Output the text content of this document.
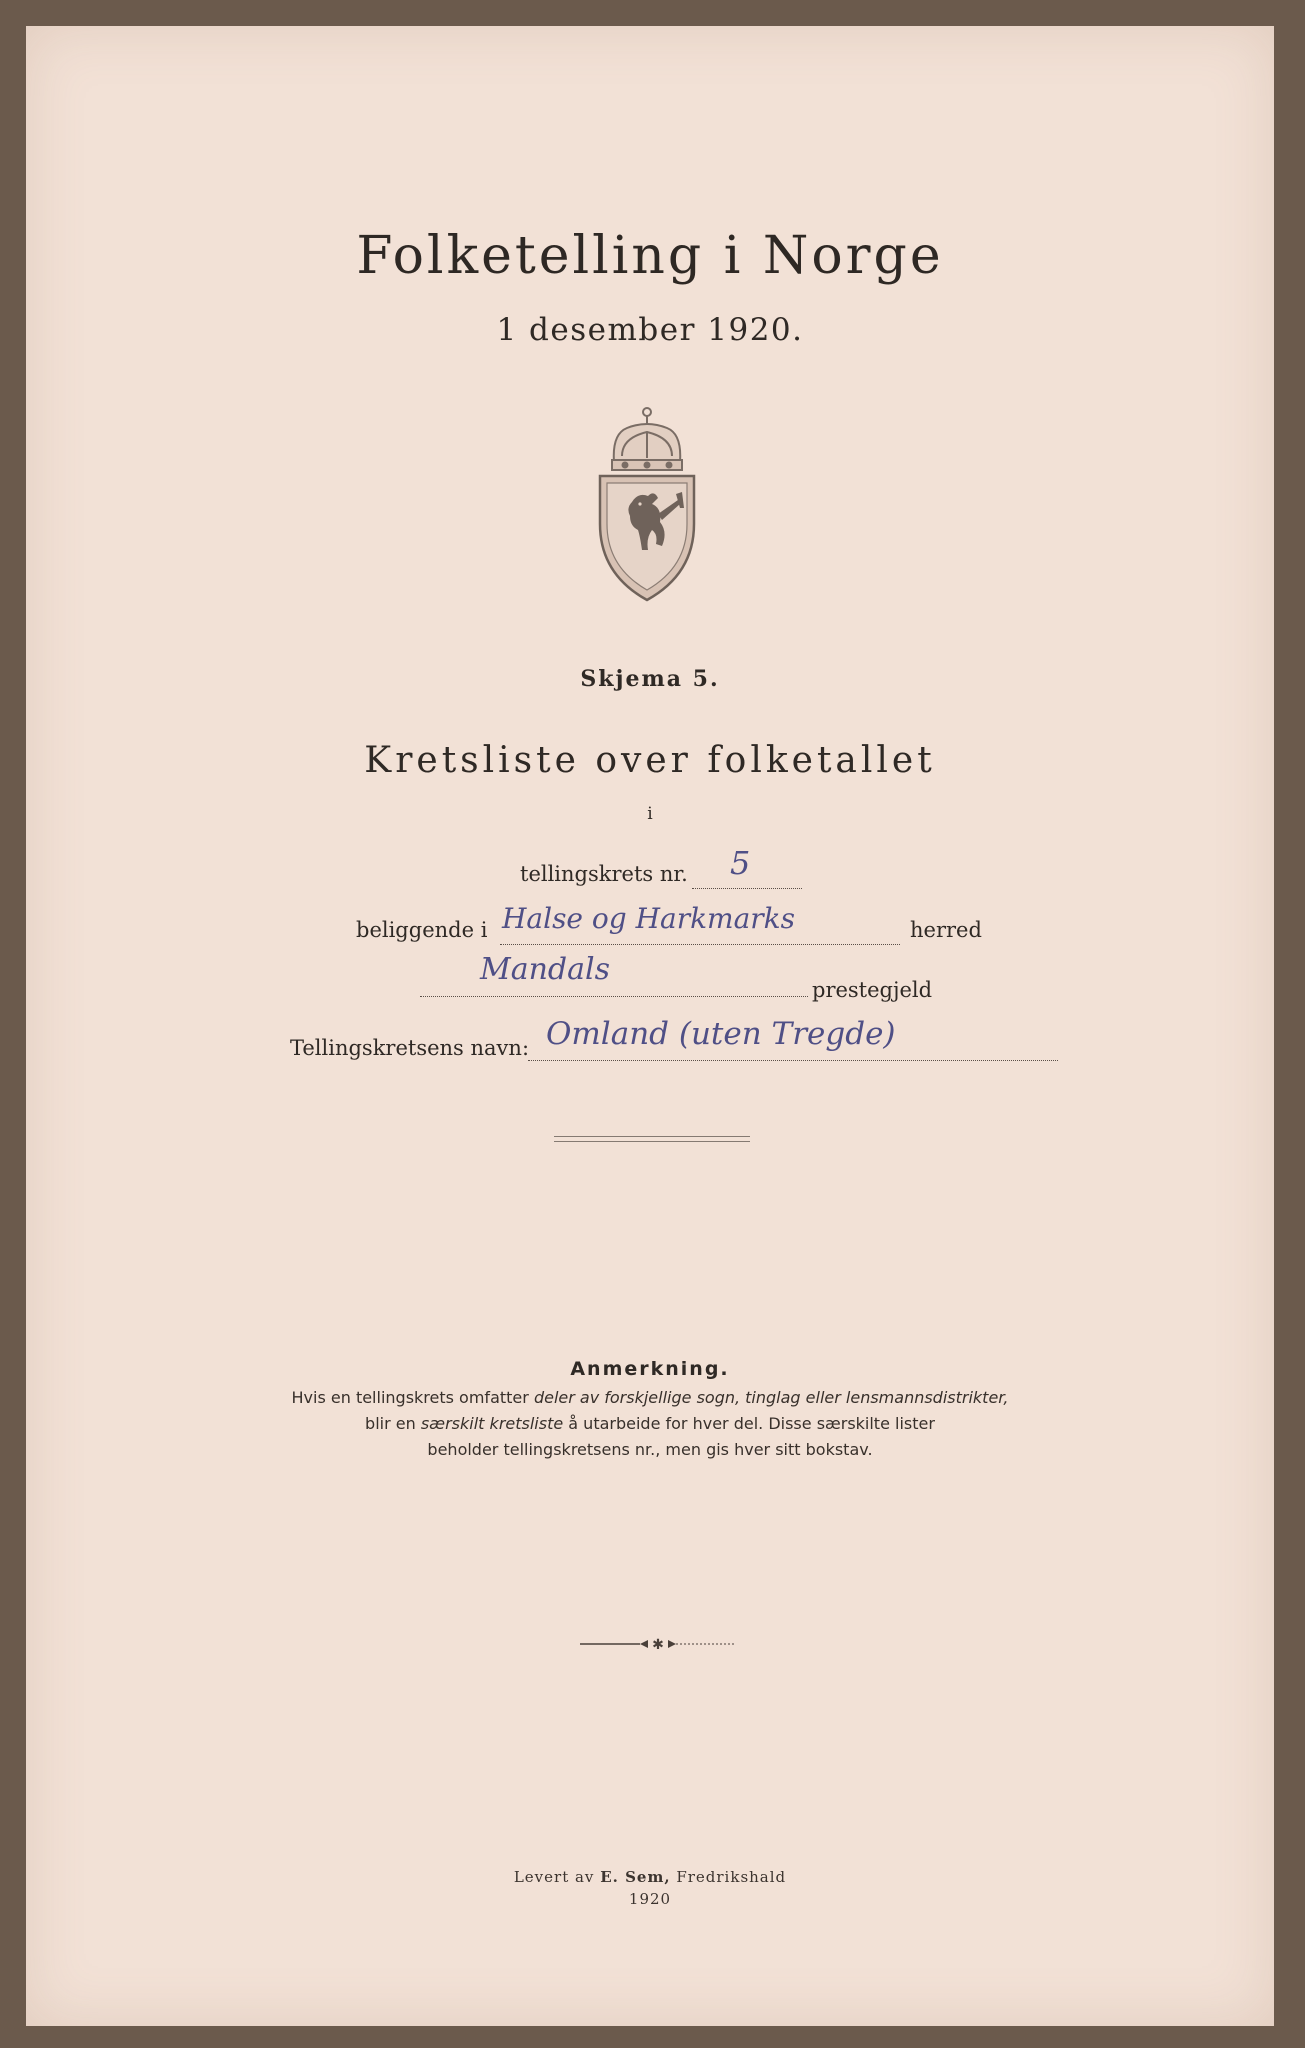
Folketelling i Norge
1 desember 1920.
Skjema 5.
Kretsliste over folketallet
i
tellingskrets nr. 5
beliggende i Halse og Harkmarks	herred
Mandals
prestegjeld
Tellingskretsens navn: Omland (uten Tregde)
Anmerkning.
Hvis en tellingskrets omfatter deler av forskjellige sogn, tinglag eller lensmannsdistrikter,
blir en særskilt kretsliste å utarbeide for hver del. Disse særskilte lister
beholder tellingskretsens nr., men gis hver sitt bokstav.
✱
Levert av E. Sem, Fredrikshald
1920
